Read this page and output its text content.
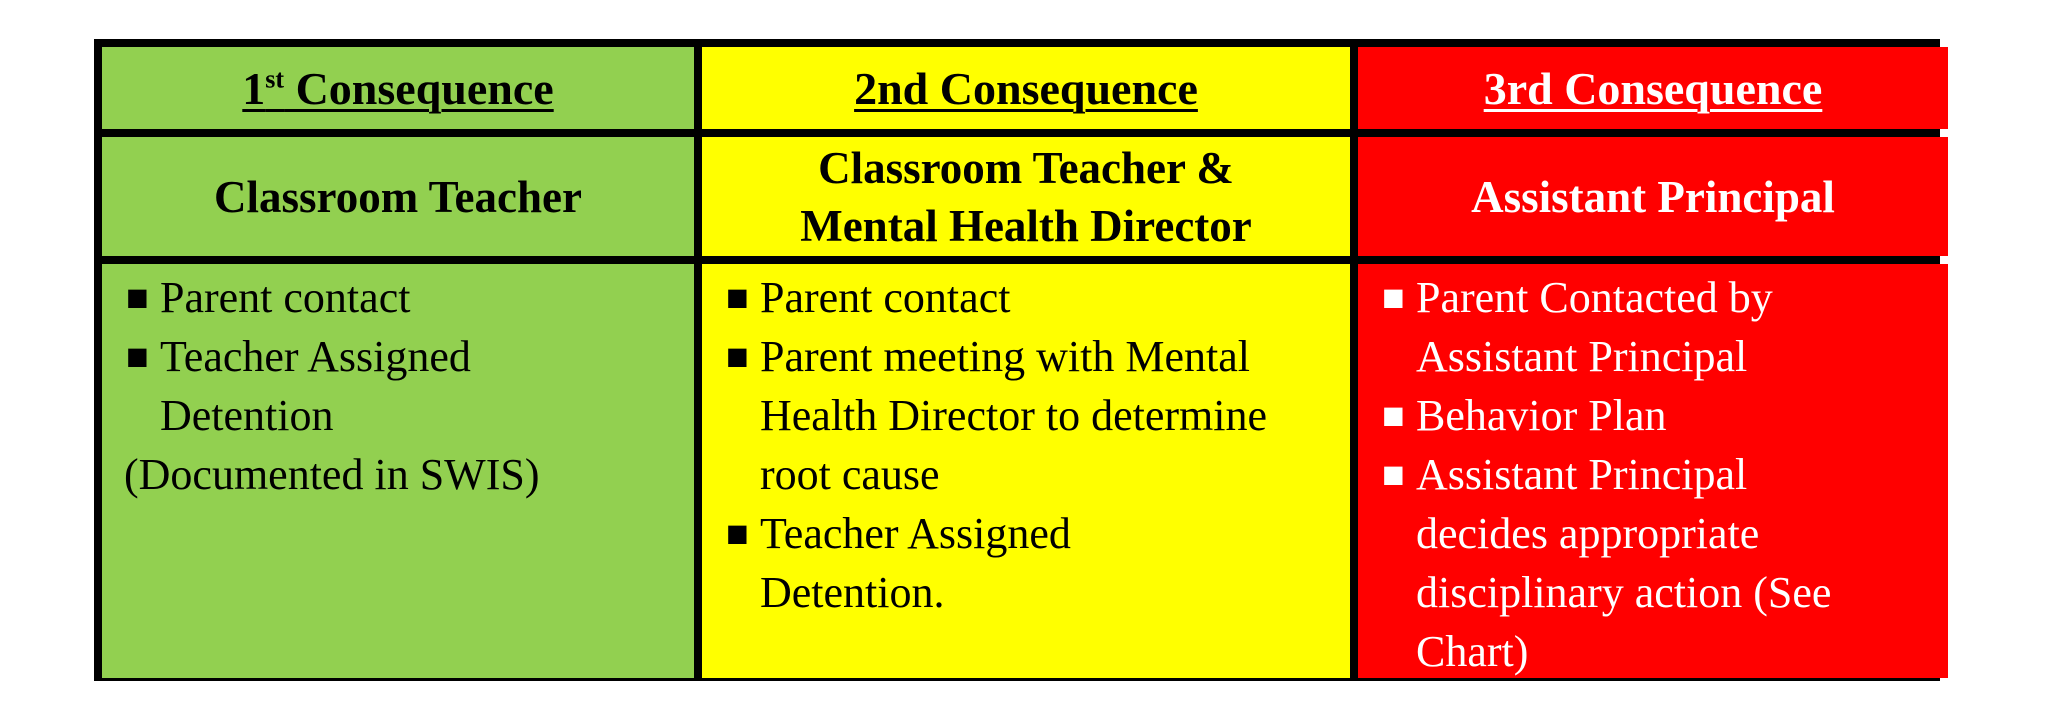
1st Consequence	2nd Consequence	3rd Consequence
Classroom Teacher
Classroom Teacher &
Mental Health Director
Assistant Principal
■ Parent contact
■ Teacher Assigned Detention

(Documented in SWIS)

■ Parent contact
■ Parent meeting with Mental Health Director to determine root cause
■ Teacher Assigned Detention.
■ Parent Contacted by Assistant Principal
■ Behavior Plan
■ Assistant Principal decides appropriate disciplinary action (See Chart)
